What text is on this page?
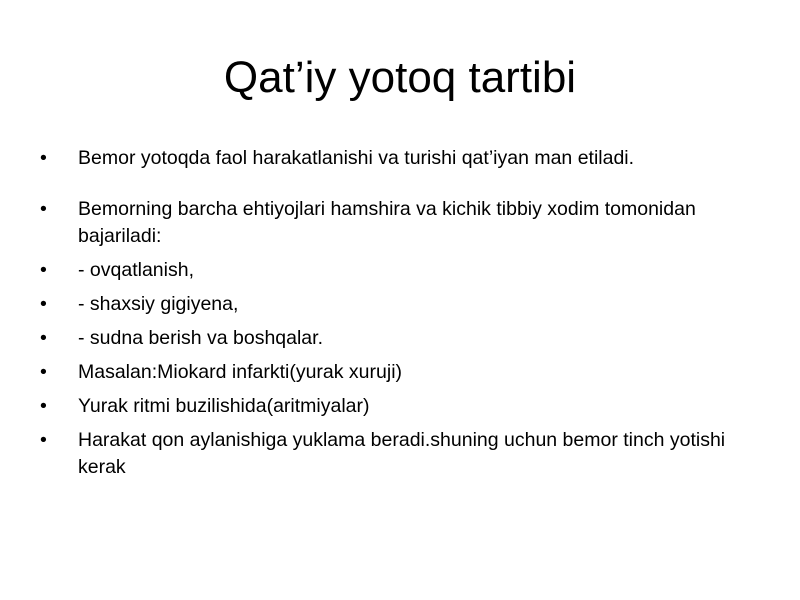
Qat’iy yotoq tartibi
•	Bemor yotoqda faol harakatlanishi va turishi qat’iyan man etiladi.
•	Bemorning barcha ehtiyojlari hamshira va kichik tibbiy xodim tomonidan bajariladi:
•	- ovqatlanish,
•	- shaxsiy gigiyena,
•	- sudna berish va boshqalar.
•	Masalan:Miokard infarkti(yurak xuruji)
•	Yurak ritmi buzilishida(aritmiyalar)
•	Harakat qon aylanishiga yuklama beradi.shuning uchun bemor tinch yotishi kerak
